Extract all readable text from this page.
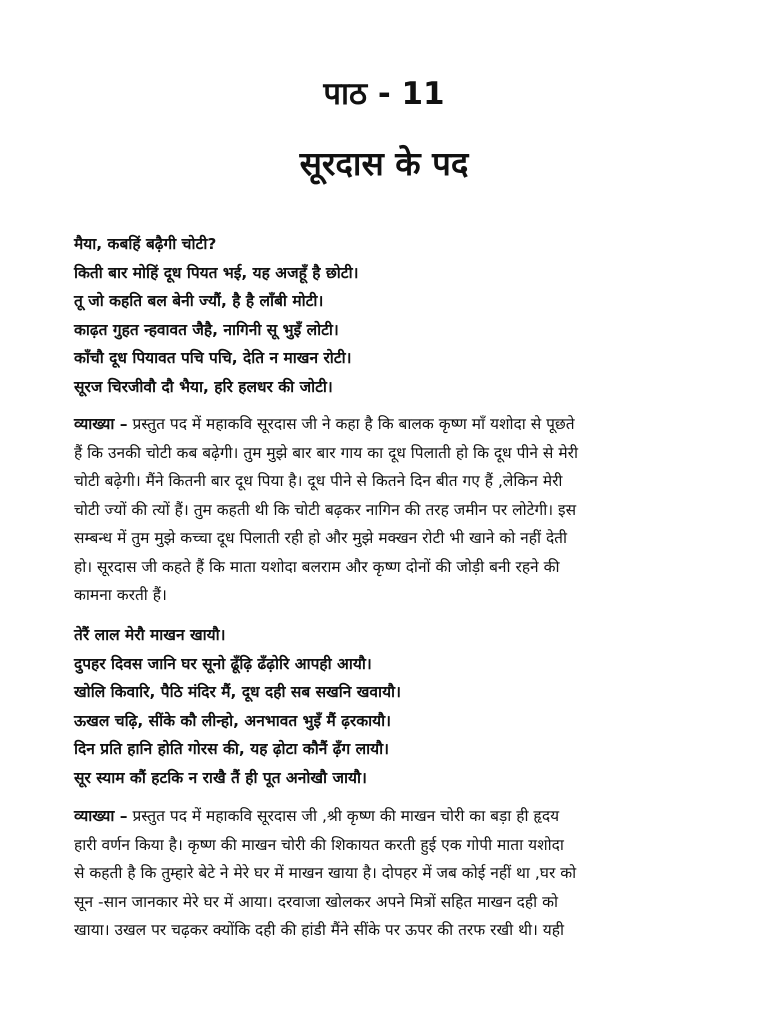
पाठ - 11
सूरदास के पद
मैया, कबहिं बढ़ैगी चोटी?
किती बार मोहिं दूध पियत भई, यह अजहूँ है छोटी।
तू जो कहति बल बेनी ज्यौं, है है लाँबी मोटी।
काढ़त गुहत न्हवावत जैहै, नागिनी सू भुइँ लोटी।
काँचौ दूध पियावत पचि पचि, देति न माखन रोटी।
सूरज चिरजीवौ दौ भैया, हरि हलधर की जोटी।
व्याख्या – प्रस्तुत पद में महाकवि सूरदास जी ने कहा है कि बालक कृष्ण माँ यशोदा से पूछते
हैं कि उनकी चोटी कब बढ़ेगी। तुम मुझे बार बार गाय का दूध पिलाती हो कि दूध पीने से मेरी
चोटी बढ़ेगी। मैंने कितनी बार दूध पिया है। दूध पीने से कितने दिन बीत गए हैं ,लेकिन मेरी
चोटी ज्यों की त्यों हैं। तुम कहती थी कि चोटी बढ़कर नागिन की तरह जमीन पर लोटेगी। इस
सम्बन्ध में तुम मुझे कच्चा दूध पिलाती रही हो और मुझे मक्खन रोटी भी खाने को नहीं देती
हो। सूरदास जी कहते हैं कि माता यशोदा बलराम और कृष्ण दोनों की जोड़ी बनी रहने की
कामना करती हैं।
तेरैं लाल मेरौ माखन खायौ।
दुपहर दिवस जानि घर सूनो ढूँढ़ि ढँढ़ोरि आपही आयौ।
खोलि किवारि, पैठि मंदिर मैं, दूध दही सब सखनि खवायौ।
ऊखल चढ़ि, सींके कौ लीन्हो, अनभावत भुइँ मैं ढ़रकायौ।
दिन प्रति हानि होति गोरस की, यह ढ़ोटा कौनैं ढ़ँग लायौ।
सूर स्याम कौं हटकि न राखै तैं ही पूत अनोखौ जायौ।
व्याख्या – प्रस्तुत पद में महाकवि सूरदास जी ,श्री कृष्ण की माखन चोरी का बड़ा ही हृदय
हारी वर्णन किया है। कृष्ण की माखन चोरी की शिकायत करती हुई एक गोपी माता यशोदा
से कहती है कि तुम्हारे बेटे ने मेरे घर में माखन खाया है। दोपहर में जब कोई नहीं था ,घर को
सून -सान जानकार मेरे घर में आया। दरवाजा खोलकर अपने मित्रों सहित माखन दही को
खाया। उखल पर चढ़कर क्योंकि दही की हांडी मैंने सींके पर ऊपर की तरफ रखी थी। यही
